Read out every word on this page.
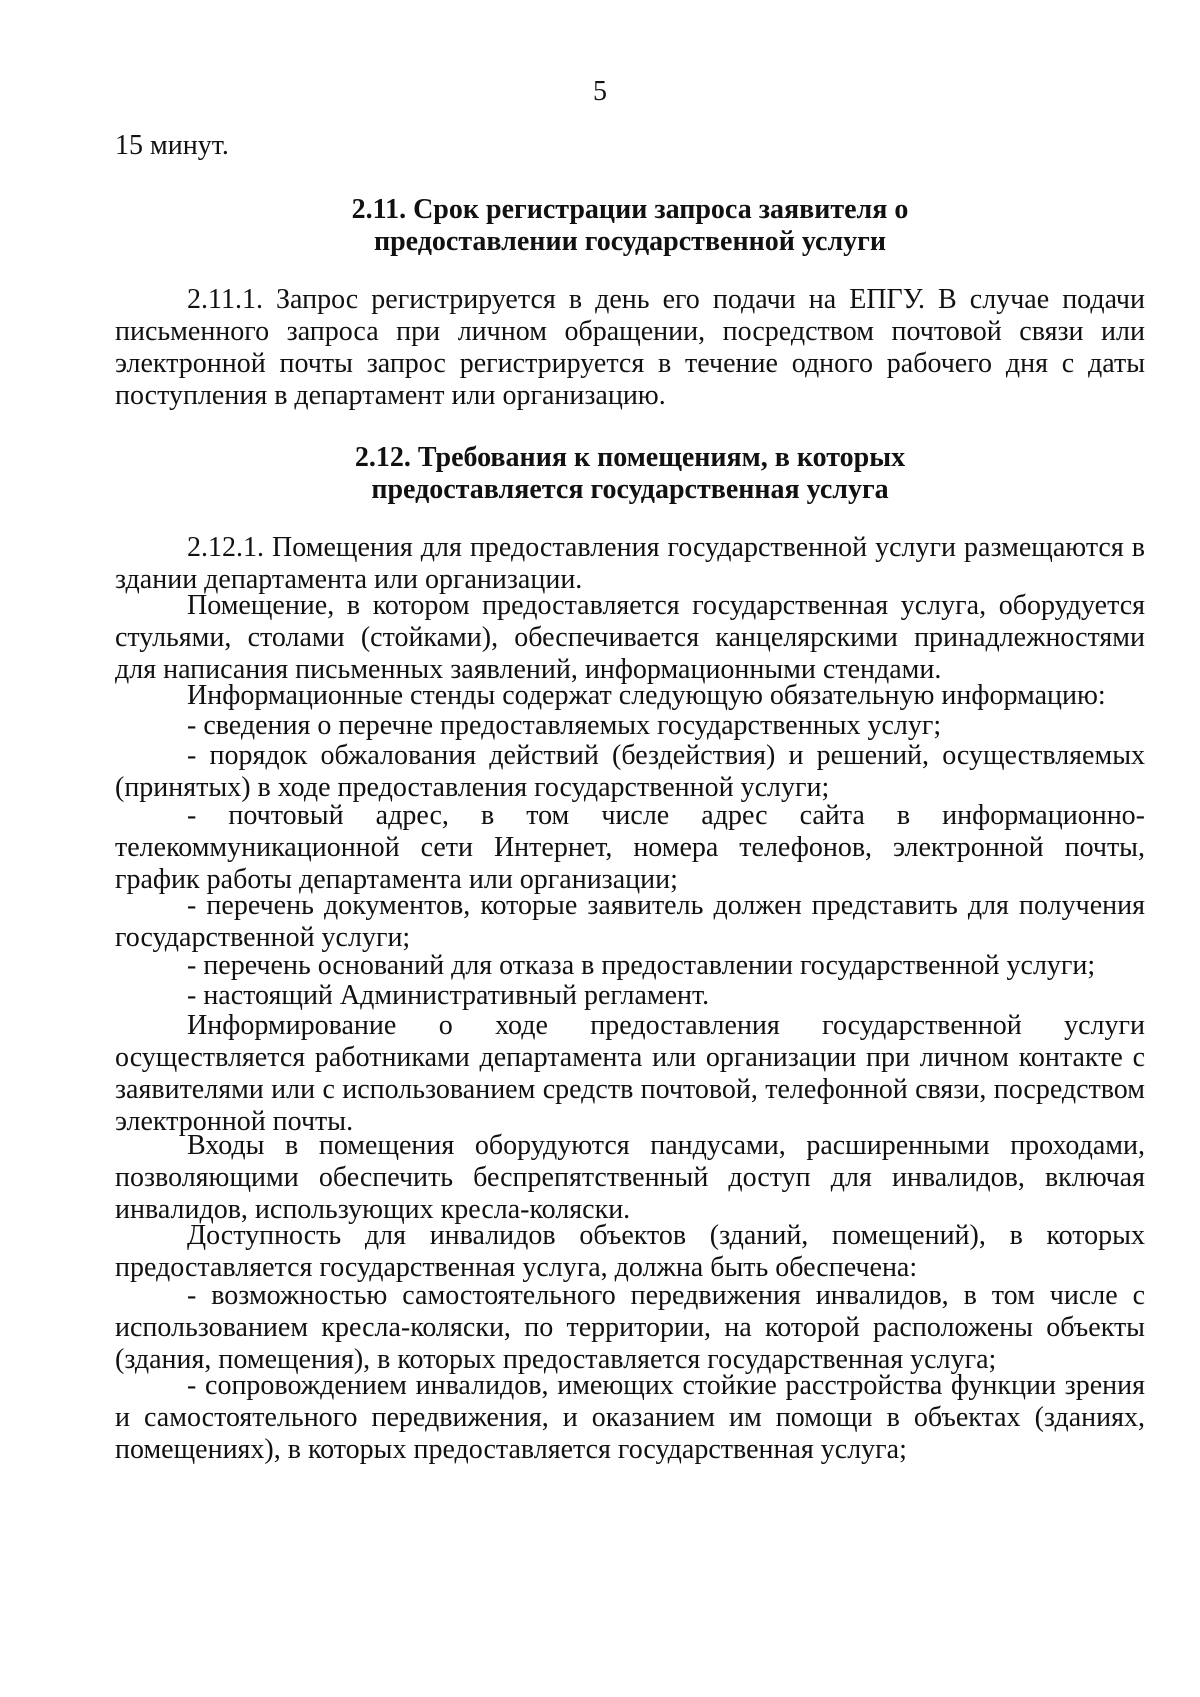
5

15 минут.

2.11. Срок регистрации запроса заявителя о
предоставлении государственной услуги

2.11.1. Запрос регистрируется в день его подачи на ЕПГУ. В случае подачи письменного запроса при личном обращении, посредством почтовой связи или электронной почты запрос регистрируется в течение одного рабочего дня с даты поступления в департамент или организацию.

2.12. Требования к помещениям, в которых
предоставляется государственная услуга

2.12.1. Помещения для предоставления государственной услуги размещаются в здании департамента или организации.

Помещение, в котором предоставляется государственная услуга, оборудуется стульями, столами (стойками), обеспечивается канцелярскими принадлежностями для написания письменных заявлений, информационными стендами.

Информационные стенды содержат следующую обязательную информацию:

- сведения о перечне предоставляемых государственных услуг;

- порядок обжалования действий (бездействия) и решений, осуществляемых (принятых) в ходе предоставления государственной услуги;

- почтовый адрес, в том числе адрес сайта в информационно-телекоммуникационной сети Интернет, номера телефонов, электронной почты, график работы департамента или организации;

- перечень документов, которые заявитель должен представить для получения государственной услуги;

- перечень оснований для отказа в предоставлении государственной услуги;

- настоящий Административный регламент.

Информирование о ходе предоставления государственной услуги осуществляется работниками департамента или организации при личном контакте с заявителями или с использованием средств почтовой, телефонной связи, посредством электронной почты.

Входы в помещения оборудуются пандусами, расширенными проходами, позволяющими обеспечить беспрепятственный доступ для инвалидов, включая инвалидов, использующих кресла-коляски.

Доступность для инвалидов объектов (зданий, помещений), в которых предоставляется государственная услуга, должна быть обеспечена:

- возможностью самостоятельного передвижения инвалидов, в том числе с использованием кресла-коляски, по территории, на которой расположены объекты (здания, помещения), в которых предоставляется государственная услуга;

- сопровождением инвалидов, имеющих стойкие расстройства функции зрения и самостоятельного передвижения, и оказанием им помощи в объектах (зданиях, помещениях), в которых предоставляется государственная услуга;
